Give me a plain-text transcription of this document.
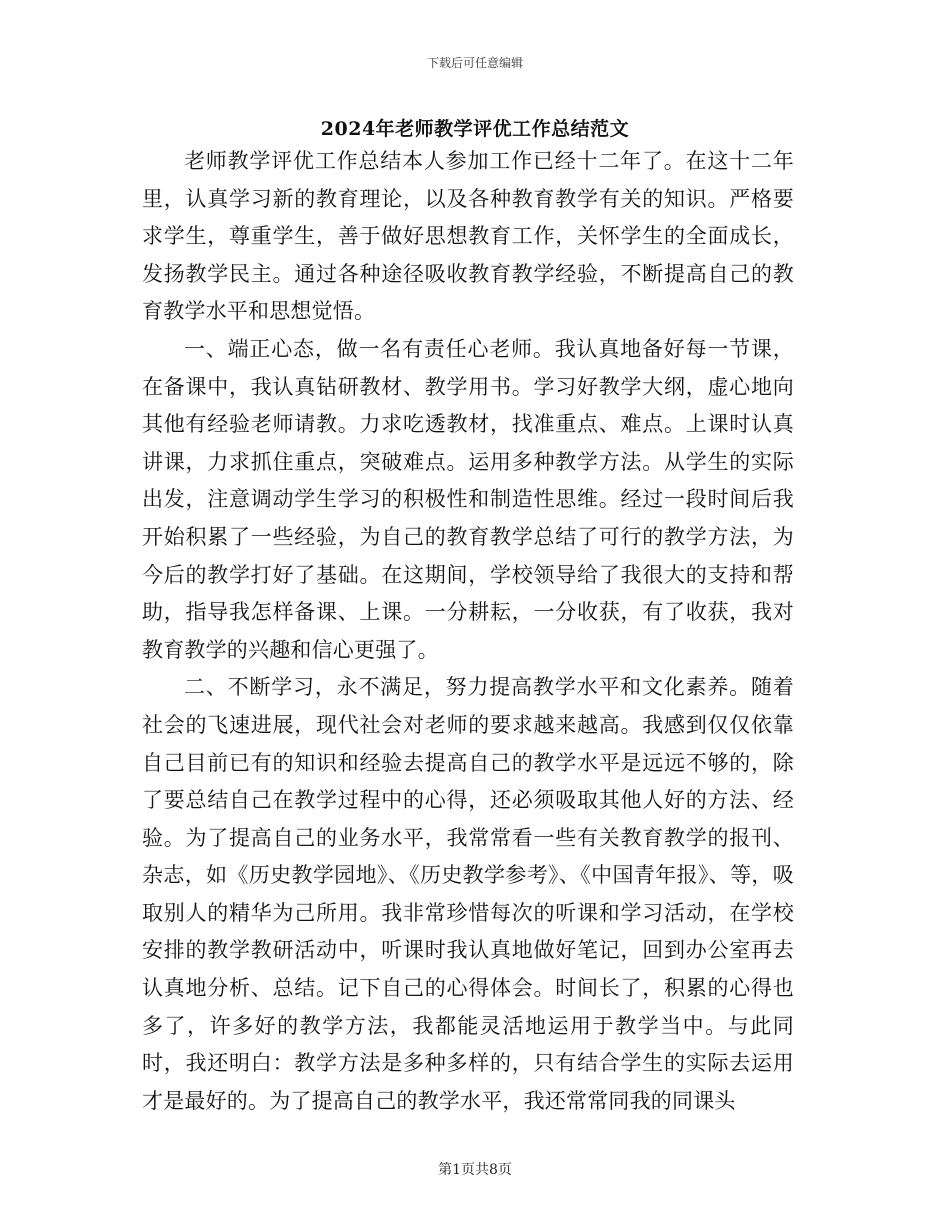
下载后可任意编辑
2024年老师教学评优工作总结范文

老师教学评优工作总结本人参加工作已经十二年了。在这十二年里，认真学习新的教育理论，以及各种教育教学有关的知识。严格要求学生，尊重学生，善于做好思想教育工作，关怀学生的全面成长，发扬教学民主。通过各种途径吸收教育教学经验，不断提高自己的教育教学水平和思想觉悟。

一、端正心态，做一名有责任心老师。我认真地备好每一节课，在备课中，我认真钻研教材、教学用书。学习好教学大纲，虚心地向其他有经验老师请教。力求吃透教材，找准重点、难点。上课时认真讲课，力求抓住重点，突破难点。运用多种教学方法。从学生的实际出发，注意调动学生学习的积极性和制造性思维。经过一段时间后我开始积累了一些经验，为自己的教育教学总结了可行的教学方法，为今后的教学打好了基础。在这期间，学校领导给了我很大的支持和帮助，指导我怎样备课、上课。一分耕耘，一分收获，有了收获，我对教育教学的兴趣和信心更强了。

二、不断学习，永不满足，努力提高教学水平和文化素养。随着社会的飞速进展，现代社会对老师的要求越来越高。我感到仅仅依靠自己目前已有的知识和经验去提高自己的教学水平是远远不够的，除了要总结自己在教学过程中的心得，还必须吸取其他人好的方法、经验。为了提高自己的业务水平，我常常看一些有关教育教学的报刊、杂志，如《历史教学园地》、《历史教学参考》、《中国青年报》、等，吸取别人的精华为己所用。我非常珍惜每次的听课和学习活动，在学校安排的教学教研活动中，听课时我认真地做好笔记，回到办公室再去认真地分析、总结。记下自己的心得体会。时间长了，积累的心得也多了，许多好的教学方法，我都能灵活地运用于教学当中。与此同时，我还明白：教学方法是多种多样的，只有结合学生的实际去运用才是最好的。为了提高自己的教学水平，我还常常同我的同课头

第1页共8页
